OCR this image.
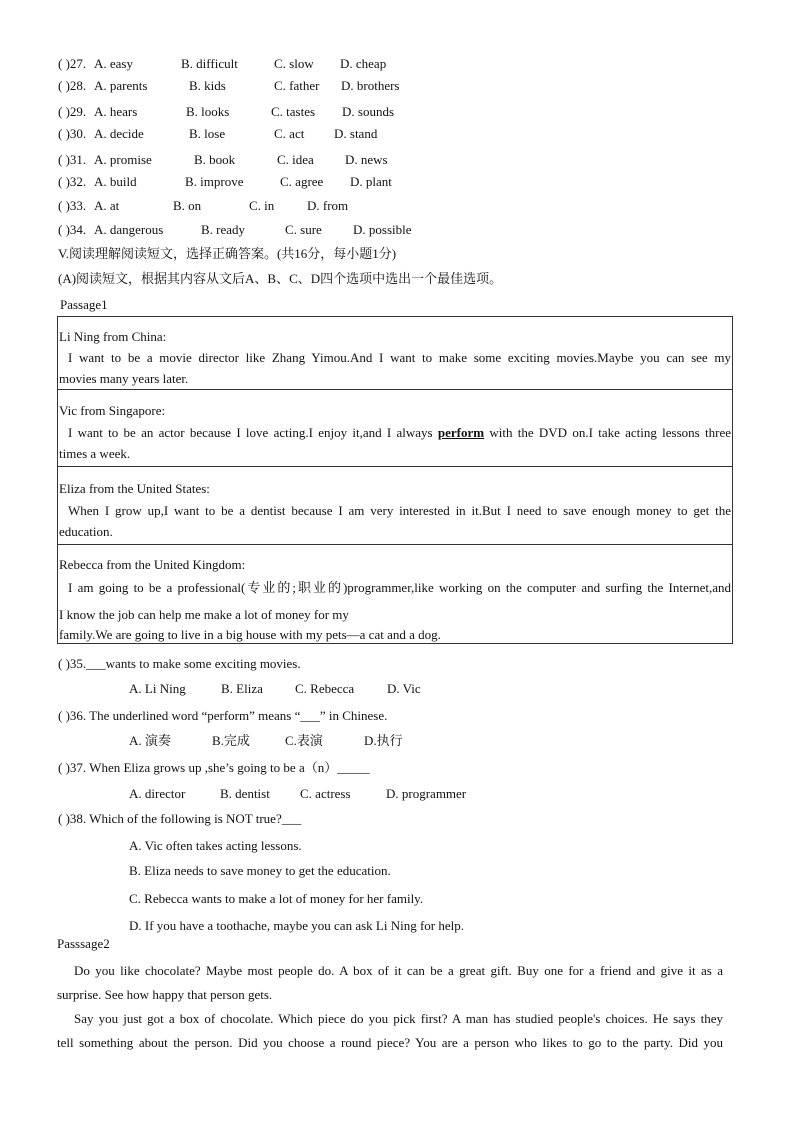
( )27. A. easy	B. difficult	C. slow D. cheap
( )28. A. parents	B. kids	C. father D. brothers
( )29. A. hears	B. looks	C. tastes D. sounds
( )30. A. decide	B. lose	C. act D. stand
( )31. A. promise	B. book	C. idea D. news
( )32. A. build	B. improve	C. agree D. plant
( )33. A. at	B. on	C. in	D. from
( )34. A. dangerous	B. ready	C. sure D. possible
V.阅读理解阅读短文，选择正确答案。(共16分，每小题1分)
(A)阅读短文，根据其内容从文后A、B、C、D四个选项中选出一个最佳选项。
Passage1
Li Ning from China:
I want to be a movie director like Zhang Yimou.And I want to make some exciting movies.Maybe you can see my
movies many years later.
Vic from Singapore:
I want to be an actor because I love acting.I enjoy it,and I always perform with the DVD on.I take acting lessons three
times a week.
Eliza from the United States:
When I grow up,I want to be a dentist because I am very interested in it.But I need to save enough money to get the
education.
Rebecca from the United Kingdom:
I am going to be a professional(专业的;职业的)programmer,like working on the computer and surfing the Internet,and
I know the job can help me make a lot of money for my
family.We are going to live in a big house with my pets—a cat and a dog.
( )35.___wants to make some exciting movies.
A. Li Ning	B. Eliza C. Rebecca	D. Vic
( )36. The underlined word “perform” means “___” in Chinese.
A. 演奏	B.完成	C.表演	D.执行
( )37. When Eliza grows up ,she’s going to be a（n）_____
A. director	B. dentist C. actress	D. programmer
( )38. Which of the following is NOT true?___
A. Vic often takes acting lessons.
B. Eliza needs to save money to get the education.
C. Rebecca wants to make a lot of money for her family.
D. If you have a toothache, maybe you can ask Li Ning for help.
Passsage2
Do you like chocolate? Maybe most people do. A box of it can be a great gift. Buy one for a friend and give it as a
surprise. See how happy that person gets.
Say you just got a box of chocolate. Which piece do you pick first? A man has studied people's choices. He says they
tell something about the person. Did you choose a round piece? You are a person who likes to go to the party. Did you
